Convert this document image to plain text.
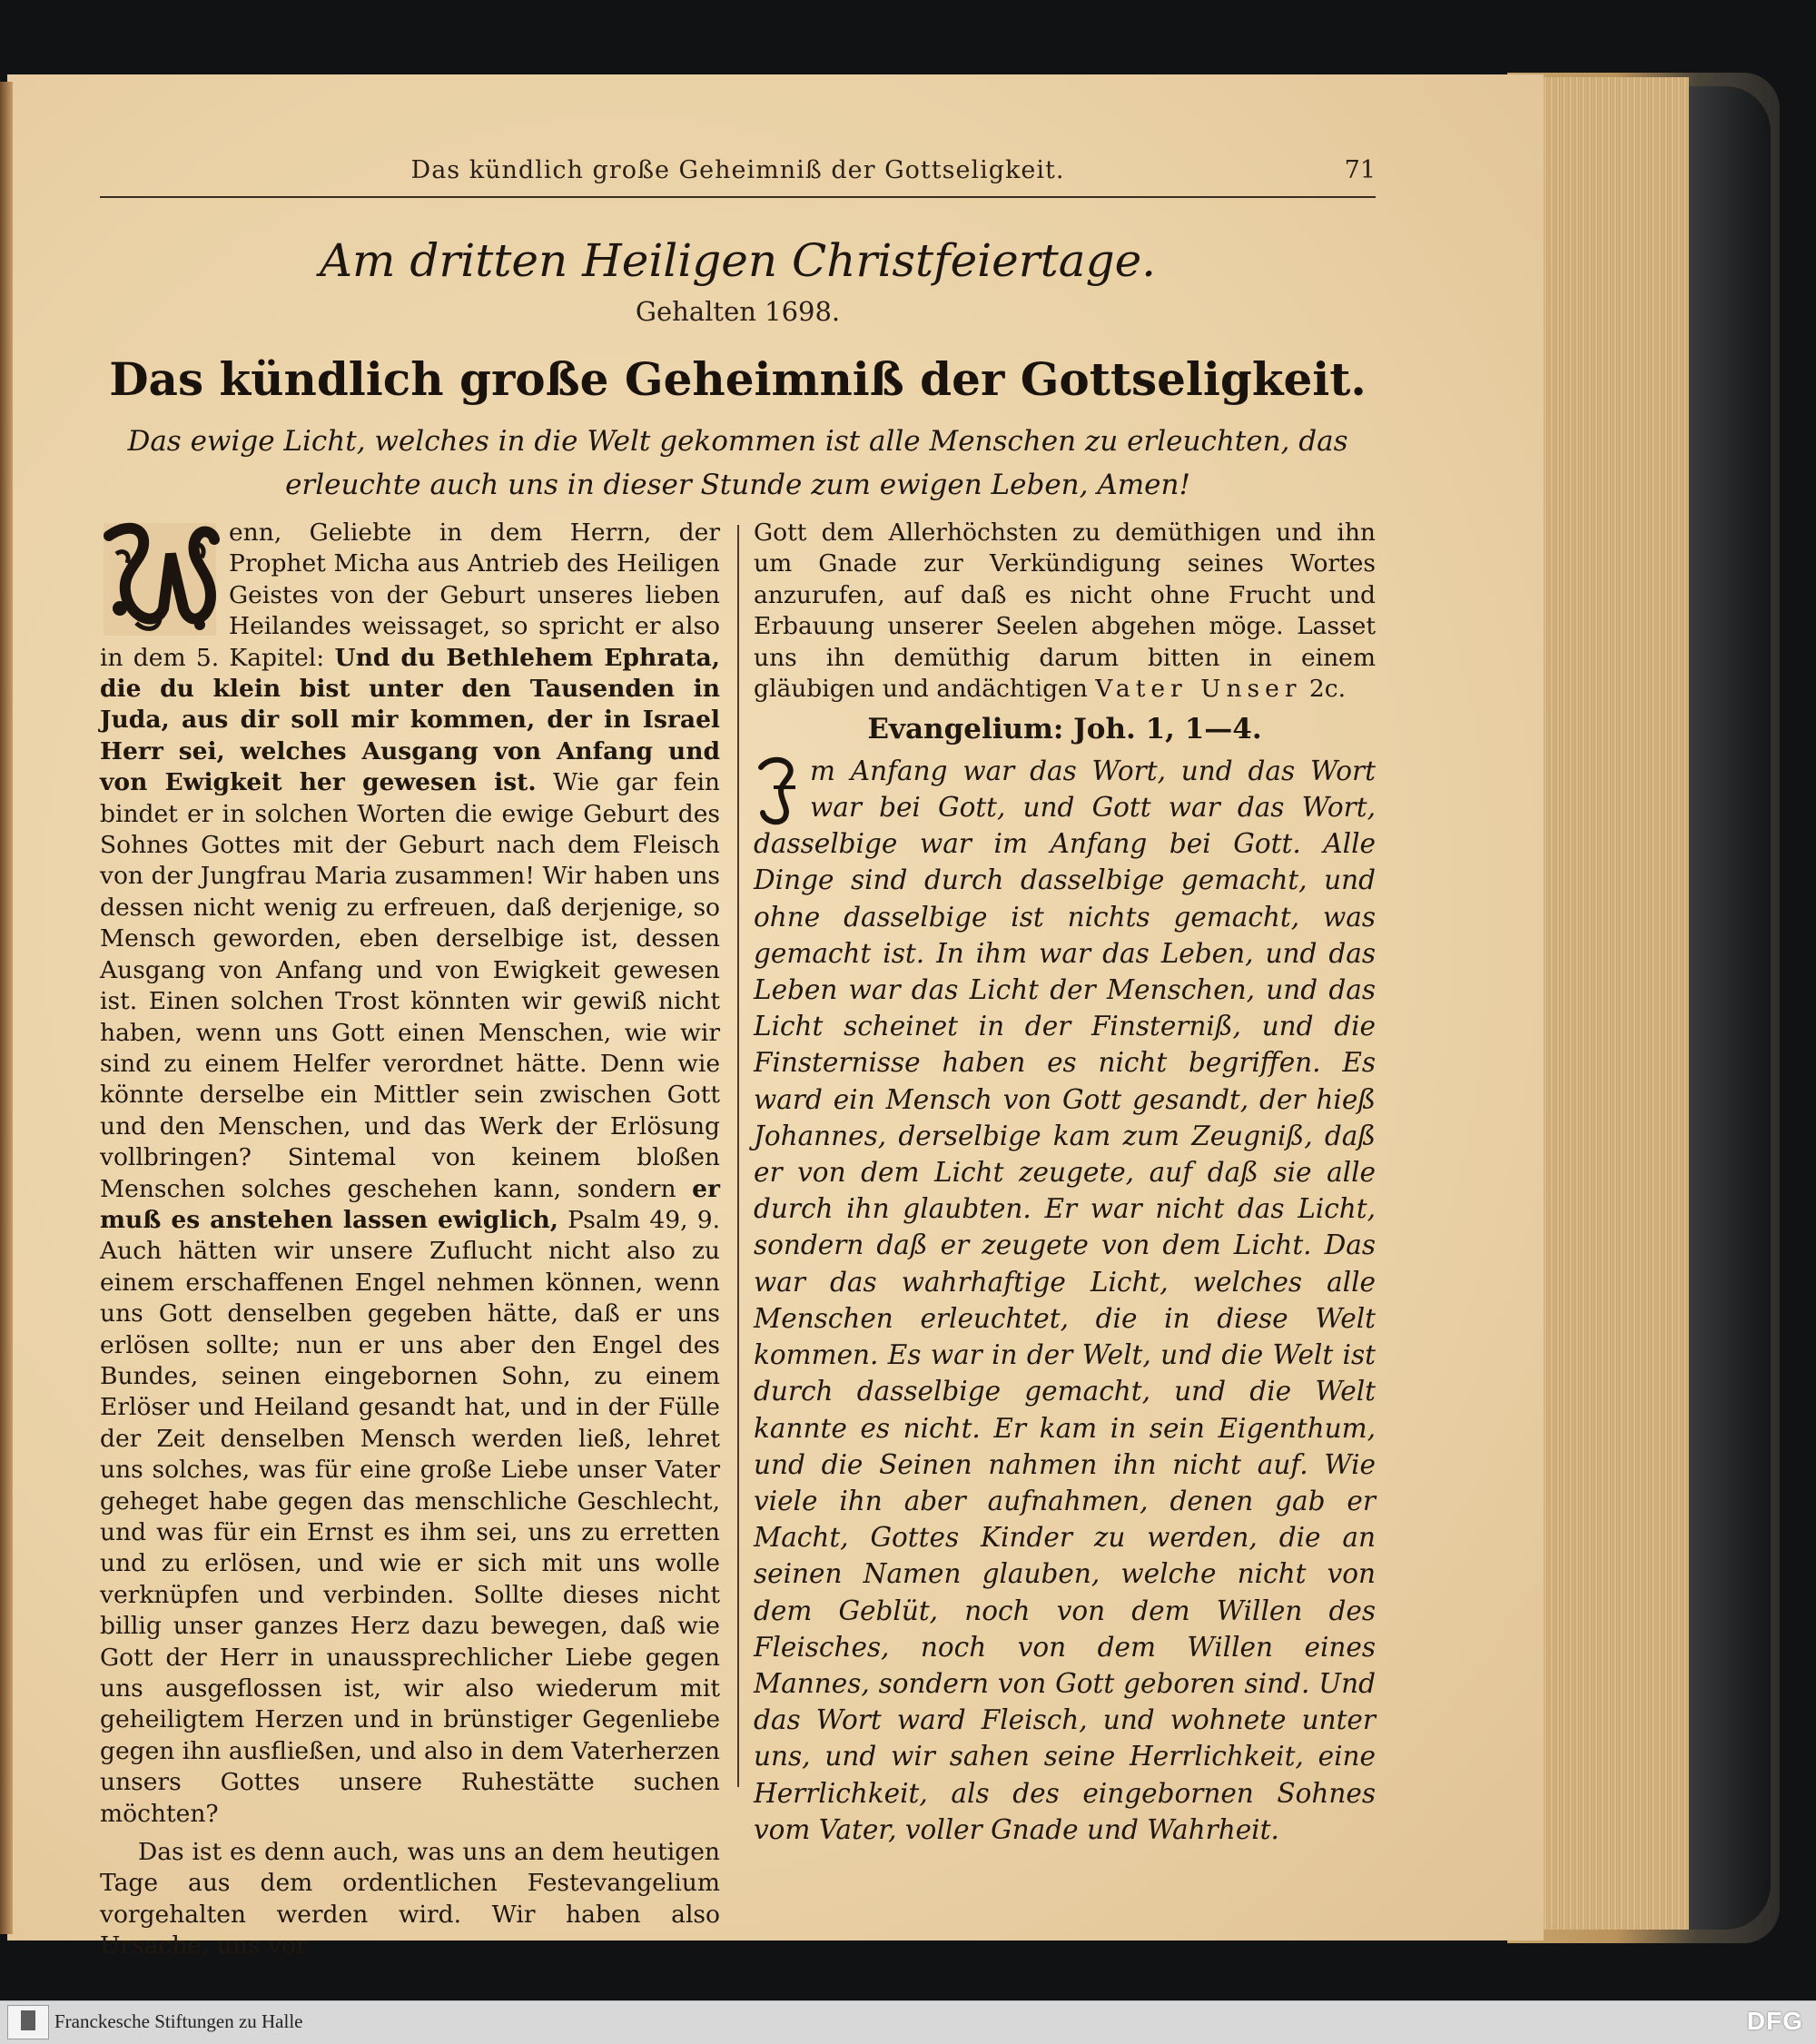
Das kündlich große Geheimniß der Gottseligkeit.	71
Am dritten Heiligen Christfeiertage.
Gehalten 1698.
Das kündlich große Geheimniß der Gottseligkeit.
Das ewige Licht, welches in die Welt gekommen ist alle Menschen zu erleuchten, das erleuchte auch uns in dieser Stunde zum ewigen Leben, Amen!

enn, Geliebte in dem Herrn, der Prophet Micha aus Antrieb des Heiligen Geistes von der Geburt unseres lieben Heilandes weissaget, so spricht er also in dem 5. Kapitel: Und du Bethlehem Ephrata, die du klein bist unter den Tausenden in Juda, aus dir soll mir kommen, der in Israel Herr sei, welches Ausgang von Anfang und von Ewigkeit her gewesen ist. Wie gar fein bindet er in solchen Worten die ewige Geburt des Sohnes Gottes mit der Geburt nach dem Fleisch von der Jungfrau Maria zusammen! Wir haben uns dessen nicht wenig zu erfreuen, daß derjenige, so Mensch geworden, eben derselbige ist, dessen Ausgang von Anfang und von Ewigkeit gewesen ist. Einen solchen Trost könnten wir gewiß nicht haben, wenn uns Gott einen Menschen, wie wir sind zu einem Helfer verordnet hätte. Denn wie könnte derselbe ein Mittler sein zwischen Gott und den Menschen, und das Werk der Erlösung vollbringen? Sintemal von keinem bloßen Menschen solches geschehen kann, sondern er muß es anstehen lassen ewiglich, Psalm 49, 9. Auch hätten wir unsere Zuflucht nicht also zu einem erschaffenen Engel nehmen können, wenn uns Gott denselben gegeben hätte, daß er uns erlösen sollte; nun er uns aber den Engel des Bundes, seinen eingebornen Sohn, zu einem Erlöser und Heiland gesandt hat, und in der Fülle der Zeit denselben Mensch werden ließ, lehret uns solches, was für eine große Liebe unser Vater geheget habe gegen das menschliche Geschlecht, und was für ein Ernst es ihm sei, uns zu erretten und zu erlösen, und wie er sich mit uns wolle verknüpfen und verbinden. Sollte dieses nicht billig unser ganzes Herz dazu bewegen, daß wie Gott der Herr in unaussprechlicher Liebe gegen uns ausgeflossen ist, wir also wiederum mit geheiligtem Herzen und in brünstiger Gegenliebe gegen ihn ausfließen, und also in dem Vaterherzen unsers Gottes unsere Ruhestätte suchen möchten?

Das ist es denn auch, was uns an dem heutigen Tage aus dem ordentlichen Festevangelium vorgehalten werden wird. Wir haben also Ursache, uns vor

Gott dem Allerhöchsten zu demüthigen und ihn um Gnade zur Verkündigung seines Wortes anzurufen, auf daß es nicht ohne Frucht und Erbauung unserer Seelen abgehen möge. Lasset uns ihn demüthig darum bitten in einem gläubigen und andächtigen Vater Unser 2c.

Evangelium: Joh. 1, 1—4.

m Anfang war das Wort, und das Wort war bei Gott, und Gott war das Wort, dasselbige war im Anfang bei Gott. Alle Dinge sind durch dasselbige gemacht, und ohne dasselbige ist nichts gemacht, was gemacht ist. In ihm war das Leben, und das Leben war das Licht der Menschen, und das Licht scheinet in der Finsterniß, und die Finsternisse haben es nicht begriffen. Es ward ein Mensch von Gott gesandt, der hieß Johannes, derselbige kam zum Zeugniß, daß er von dem Licht zeugete, auf daß sie alle durch ihn glaubten. Er war nicht das Licht, sondern daß er zeugete von dem Licht. Das war das wahrhaftige Licht, welches alle Menschen erleuchtet, die in diese Welt kommen. Es war in der Welt, und die Welt ist durch dasselbige gemacht, und die Welt kannte es nicht. Er kam in sein Eigenthum, und die Seinen nahmen ihn nicht auf. Wie viele ihn aber aufnahmen, denen gab er Macht, Gottes Kinder zu werden, die an seinen Namen glauben, welche nicht von dem Geblüt, noch von dem Willen des Fleisches, noch von dem Willen eines Mannes, sondern von Gott geboren sind. Und das Wort ward Fleisch, und wohnete unter uns, und wir sahen seine Herrlichkeit, eine Herrlichkeit, als des eingebornen Sohnes vom Vater, voller Gnade und Wahrheit.

Franckesche Stiftungen zu Halle	DFG
